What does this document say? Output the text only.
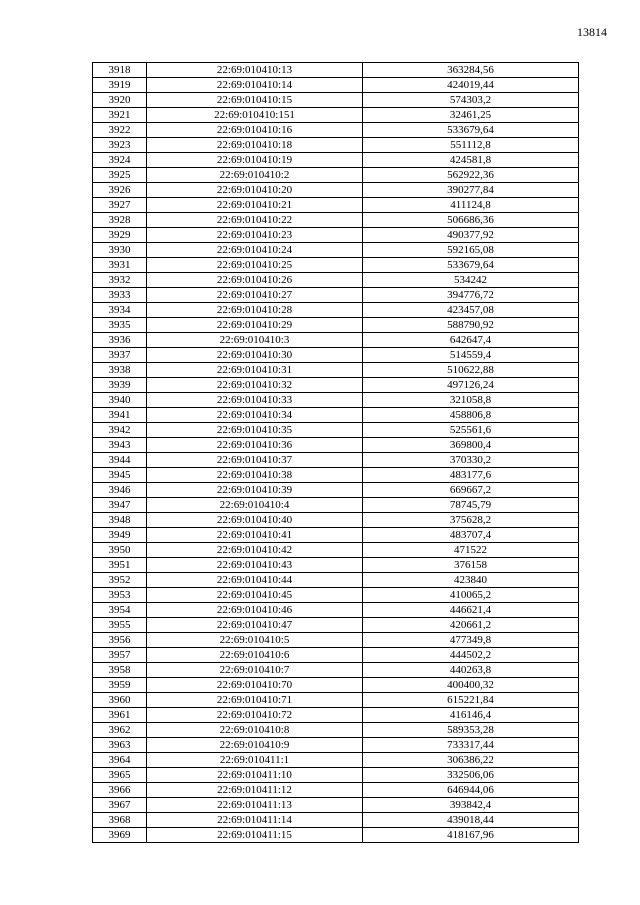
13814
3918	22:69:010410:13	363284,56
3919	22:69:010410:14	424019,44
3920	22:69:010410:15	574303,2
3921	22:69:010410:151	32461,25
3922	22:69:010410:16	533679,64
3923	22:69:010410:18	551112,8
3924	22:69:010410:19	424581,8
3925	22:69:010410:2	562922,36
3926	22:69:010410:20	390277,84
3927	22:69:010410:21	411124,8
3928	22:69:010410:22	506686,36
3929	22:69:010410:23	490377,92
3930	22:69:010410:24	592165,08
3931	22:69:010410:25	533679,64
3932	22:69:010410:26	534242
3933	22:69:010410:27	394776,72
3934	22:69:010410:28	423457,08
3935	22:69:010410:29	588790,92
3936	22:69:010410:3	642647,4
3937	22:69:010410:30	514559,4
3938	22:69:010410:31	510622,88
3939	22:69:010410:32	497126,24
3940	22:69:010410:33	321058,8
3941	22:69:010410:34	458806,8
3942	22:69:010410:35	525561,6
3943	22:69:010410:36	369800,4
3944	22:69:010410:37	370330,2
3945	22:69:010410:38	483177,6
3946	22:69:010410:39	669667,2
3947	22:69:010410:4	78745,79
3948	22:69:010410:40	375628,2
3949	22:69:010410:41	483707,4
3950	22:69:010410:42	471522
3951	22:69:010410:43	376158
3952	22:69:010410:44	423840
3953	22:69:010410:45	410065,2
3954	22:69:010410:46	446621,4
3955	22:69:010410:47	420661,2
3956	22:69:010410:5	477349,8
3957	22:69:010410:6	444502,2
3958	22:69:010410:7	440263,8
3959	22:69:010410:70	400400,32
3960	22:69:010410:71	615221,84
3961	22:69:010410:72	416146,4
3962	22:69:010410:8	589353,28
3963	22:69:010410:9	733317,44
3964	22:69:010411:1	306386,22
3965	22:69:010411:10	332506,06
3966	22:69:010411:12	646944,06
3967	22:69:010411:13	393842,4
3968	22:69:010411:14	439018,44
3969	22:69:010411:15	418167,96
